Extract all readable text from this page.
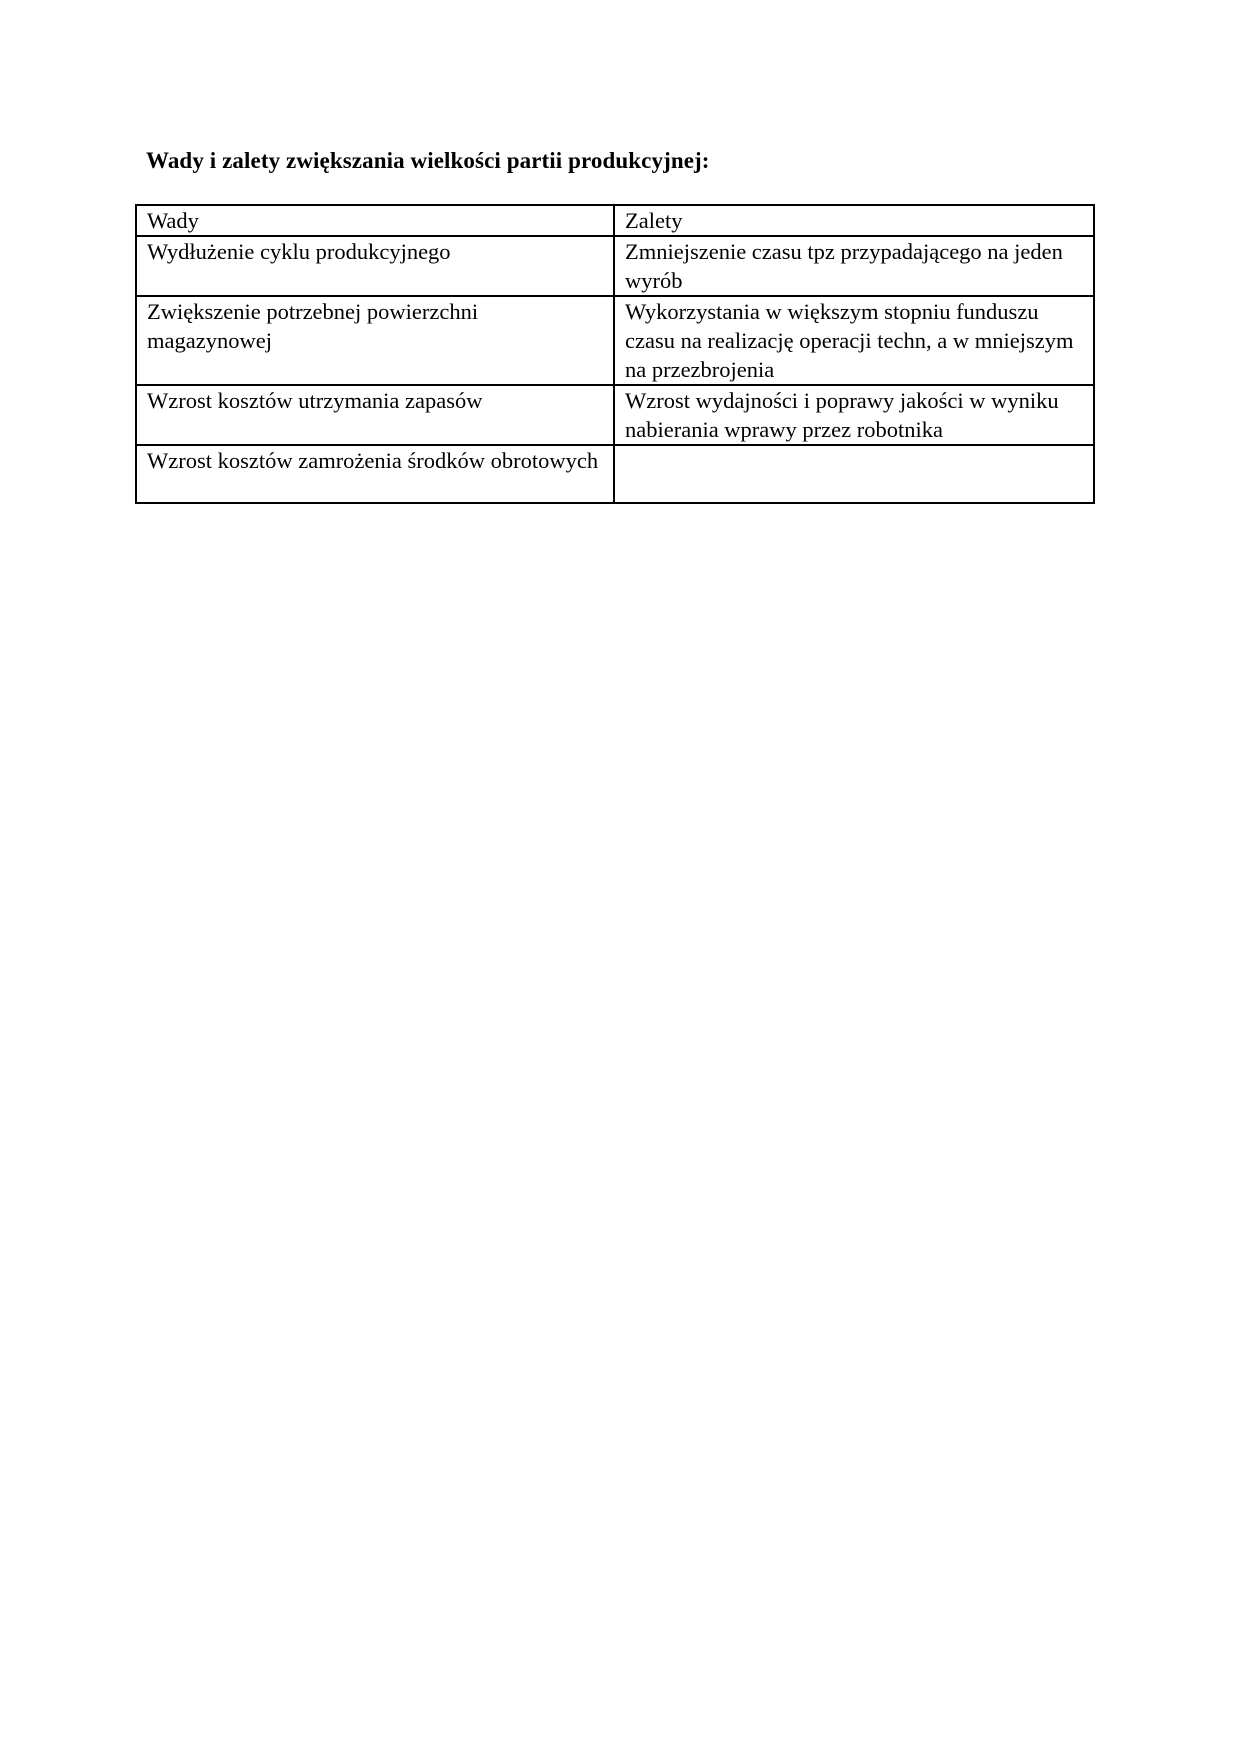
Wady i zalety zwiększania wielkości partii produkcyjnej:
Wady	Zalety
Wydłużenie cyklu produkcyjnego	Zmniejszenie czasu tpz przypadającego na jeden wyrób
Zwiększenie potrzebnej powierzchni magazynowej	Wykorzystania w większym stopniu funduszu czasu na realizację operacji techn, a w mniejszym na przezbrojenia
Wzrost kosztów utrzymania zapasów	Wzrost wydajności i poprawy jakości w wyniku nabierania wprawy przez robotnika
Wzrost kosztów zamrożenia środków obrotowych	
